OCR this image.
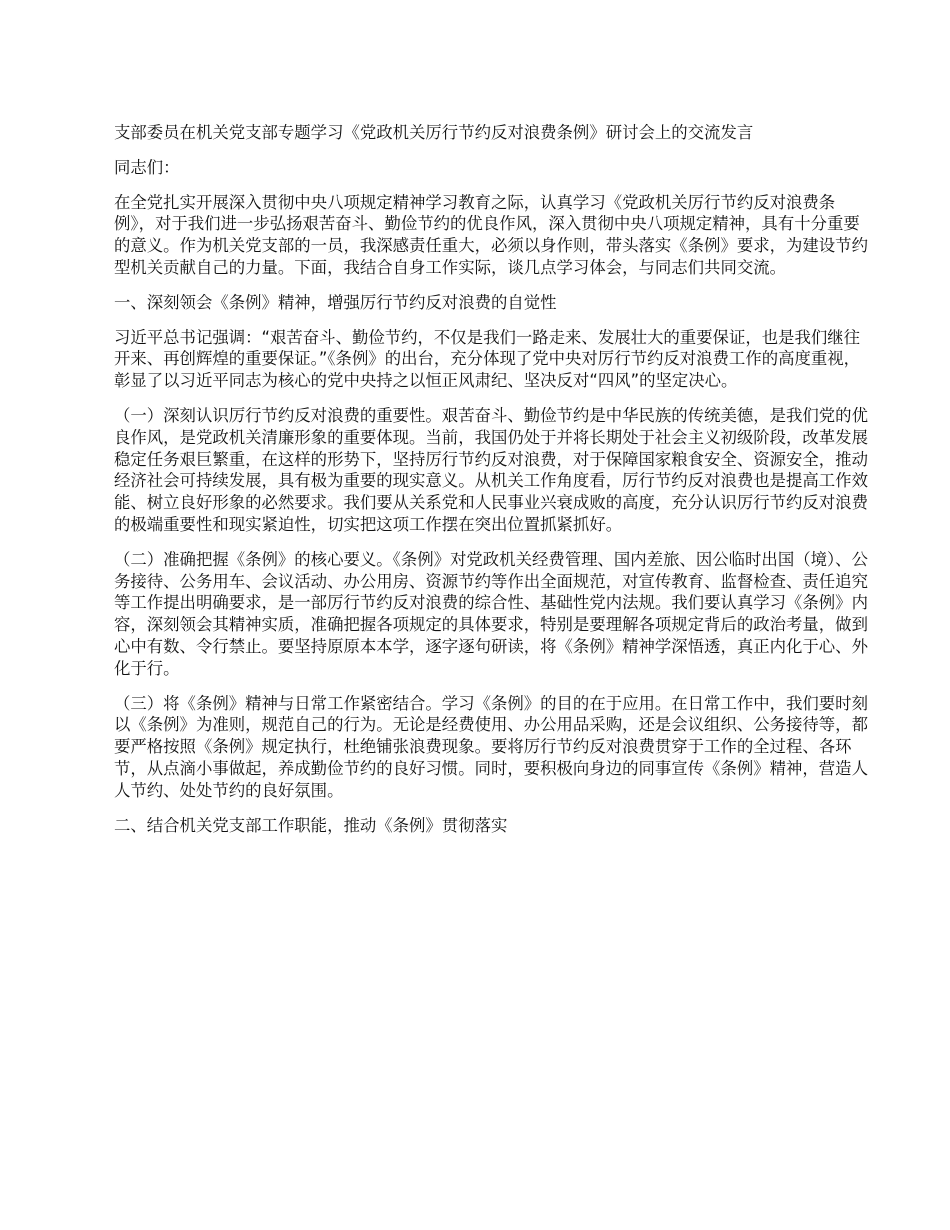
支部委员在机关党支部专题学习《党政机关厉行节约反对浪费条例》研讨会上的交流发言

同志们：

在全党扎实开展深入贯彻中央八项规定精神学习教育之际，认真学习《党政机关厉行节约反对浪费条例》，对于我们进一步弘扬艰苦奋斗、勤俭节约的优良作风，深入贯彻中央八项规定精神，具有十分重要的意义。作为机关党支部的一员，我深感责任重大，必须以身作则，带头落实《条例》要求，为建设节约型机关贡献自己的力量。下面，我结合自身工作实际，谈几点学习体会，与同志们共同交流。

一、深刻领会《条例》精神，增强厉行节约反对浪费的自觉性

习近平总书记强调：“艰苦奋斗、勤俭节约，不仅是我们一路走来、发展壮大的重要保证，也是我们继往开来、再创辉煌的重要保证。”《条例》的出台，充分体现了党中央对厉行节约反对浪费工作的高度重视，彰显了以习近平同志为核心的党中央持之以恒正风肃纪、坚决反对“四风”的坚定决心。

（一）深刻认识厉行节约反对浪费的重要性。艰苦奋斗、勤俭节约是中华民族的传统美德，是我们党的优良作风，是党政机关清廉形象的重要体现。当前，我国仍处于并将长期处于社会主义初级阶段，改革发展稳定任务艰巨繁重，在这样的形势下，坚持厉行节约反对浪费，对于保障国家粮食安全、资源安全，推动经济社会可持续发展，具有极为重要的现实意义。从机关工作角度看，厉行节约反对浪费也是提高工作效能、树立良好形象的必然要求。我们要从关系党和人民事业兴衰成败的高度，充分认识厉行节约反对浪费的极端重要性和现实紧迫性，切实把这项工作摆在突出位置抓紧抓好。

（二）准确把握《条例》的核心要义。《条例》对党政机关经费管理、国内差旅、因公临时出国（境）、公务接待、公务用车、会议活动、办公用房、资源节约等作出全面规范，对宣传教育、监督检查、责任追究等工作提出明确要求，是一部厉行节约反对浪费的综合性、基础性党内法规。我们要认真学习《条例》内容，深刻领会其精神实质，准确把握各项规定的具体要求，特别是要理解各项规定背后的政治考量，做到心中有数、令行禁止。要坚持原原本本学，逐字逐句研读，将《条例》精神学深悟透，真正内化于心、外化于行。

（三）将《条例》精神与日常工作紧密结合。学习《条例》的目的在于应用。在日常工作中，我们要时刻以《条例》为准则，规范自己的行为。无论是经费使用、办公用品采购，还是会议组织、公务接待等，都要严格按照《条例》规定执行，杜绝铺张浪费现象。要将厉行节约反对浪费贯穿于工作的全过程、各环节，从点滴小事做起，养成勤俭节约的良好习惯。同时，要积极向身边的同事宣传《条例》精神，营造人人节约、处处节约的良好氛围。

二、结合机关党支部工作职能，推动《条例》贯彻落实
